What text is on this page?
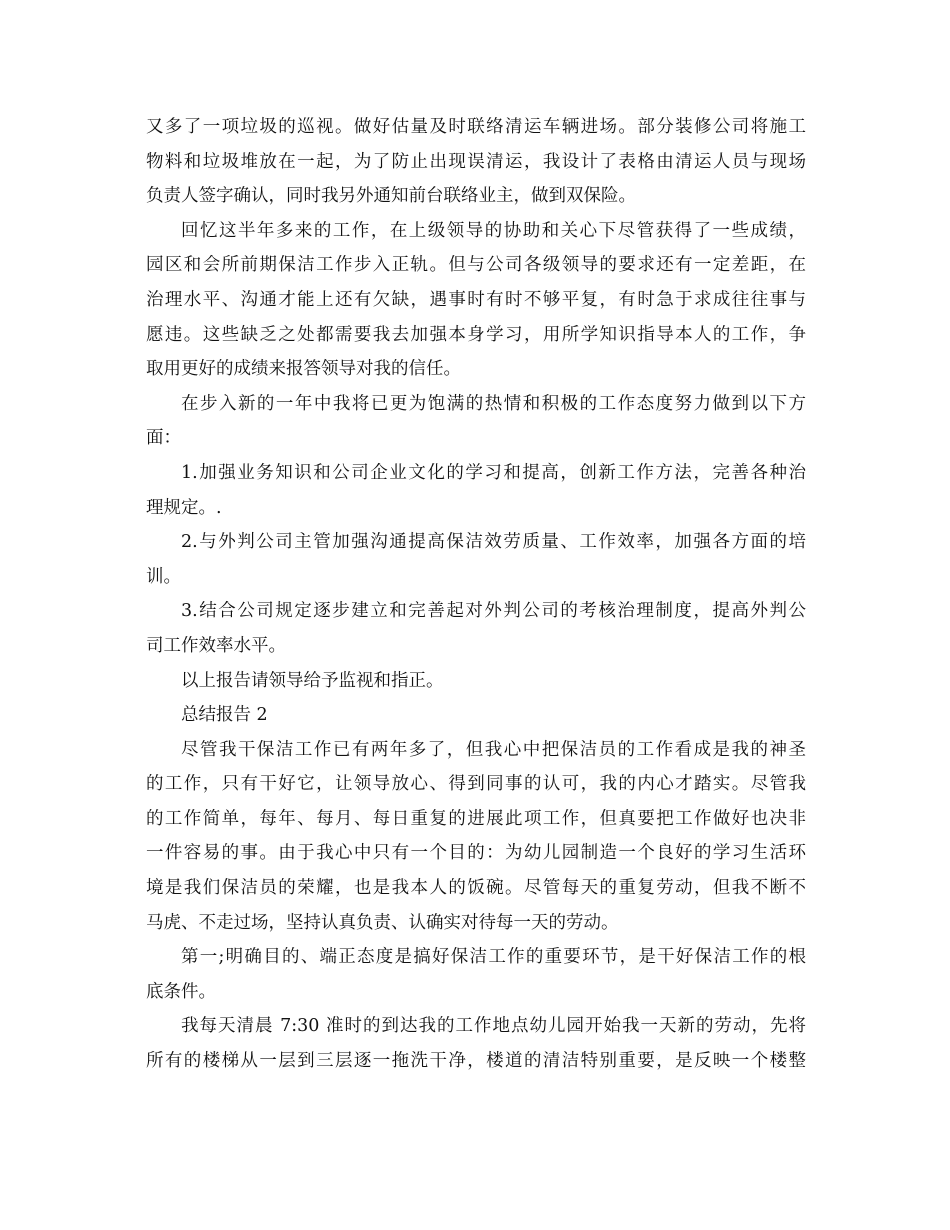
又多了一项垃圾的巡视。做好估量及时联络清运车辆进场。部分装修公司将施工
物料和垃圾堆放在一起，为了防止出现误清运，我设计了表格由清运人员与现场
负责人签字确认，同时我另外通知前台联络业主，做到双保险。
回忆这半年多来的工作，在上级领导的协助和关心下尽管获得了一些成绩，
园区和会所前期保洁工作步入正轨。但与公司各级领导的要求还有一定差距，在
治理水平、沟通才能上还有欠缺，遇事时有时不够平复，有时急于求成往往事与
愿违。这些缺乏之处都需要我去加强本身学习，用所学知识指导本人的工作，争
取用更好的成绩来报答领导对我的信任。
在步入新的一年中我将已更为饱满的热情和积极的工作态度努力做到以下方
面：
1.加强业务知识和公司企业文化的学习和提高，创新工作方法，完善各种治
理规定。.
2.与外判公司主管加强沟通提高保洁效劳质量、工作效率，加强各方面的培
训。
3.结合公司规定逐步建立和完善起对外判公司的考核治理制度，提高外判公
司工作效率水平。
以上报告请领导给予监视和指正。
总结报告 2
尽管我干保洁工作已有两年多了，但我心中把保洁员的工作看成是我的神圣
的工作，只有干好它，让领导放心、得到同事的认可，我的内心才踏实。尽管我
的工作简单，每年、每月、每日重复的进展此项工作，但真要把工作做好也决非
一件容易的事。由于我心中只有一个目的：为幼儿园制造一个良好的学习生活环
境是我们保洁员的荣耀，也是我本人的饭碗。尽管每天的重复劳动，但我不断不
马虎、不走过场，坚持认真负责、认确实对待每一天的劳动。
第一;明确目的、端正态度是搞好保洁工作的重要环节，是干好保洁工作的根
底条件。
我每天清晨 7:30 准时的到达我的工作地点幼儿园开始我一天新的劳动，先将
所有的楼梯从一层到三层逐一拖洗干净，楼道的清洁特别重要，是反映一个楼整
